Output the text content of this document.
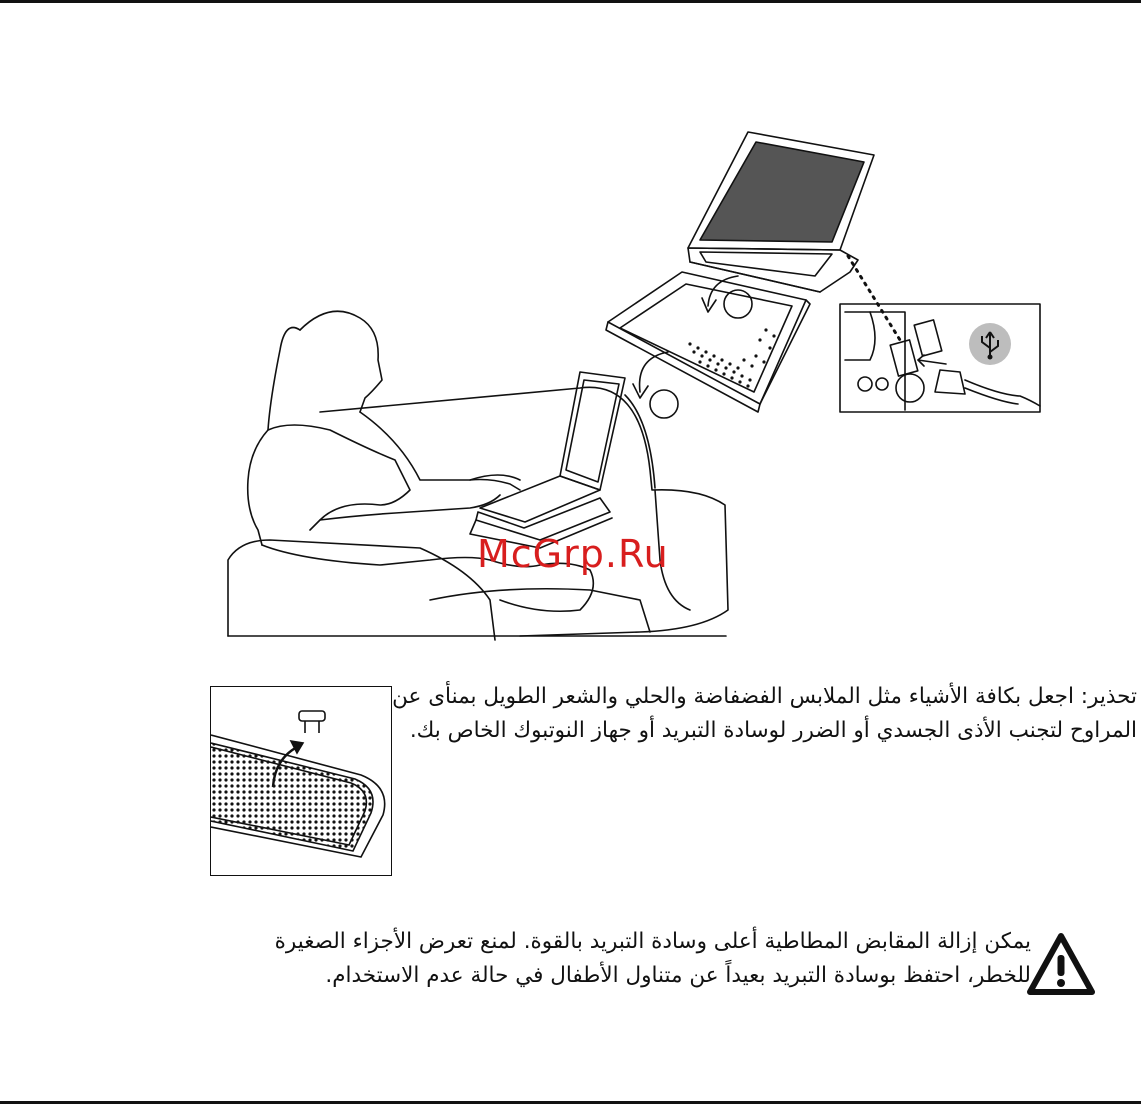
McGrp.Ru

تحذير: اجعل بكافة الأشياء مثل الملابس الفضفاضة والحلي والشعر الطويل بمنأى عن المراوح لتجنب الأذى الجسدي أو الضرر لوسادة التبريد أو جهاز النوتبوك الخاص بك.

يمكن إزالة المقابض المطاطية أعلى وسادة التبريد بالقوة. لمنع تعرض الأجزاء الصغيرة للخطر، احتفظ بوسادة التبريد بعيداً عن متناول الأطفال في حالة عدم الاستخدام.
